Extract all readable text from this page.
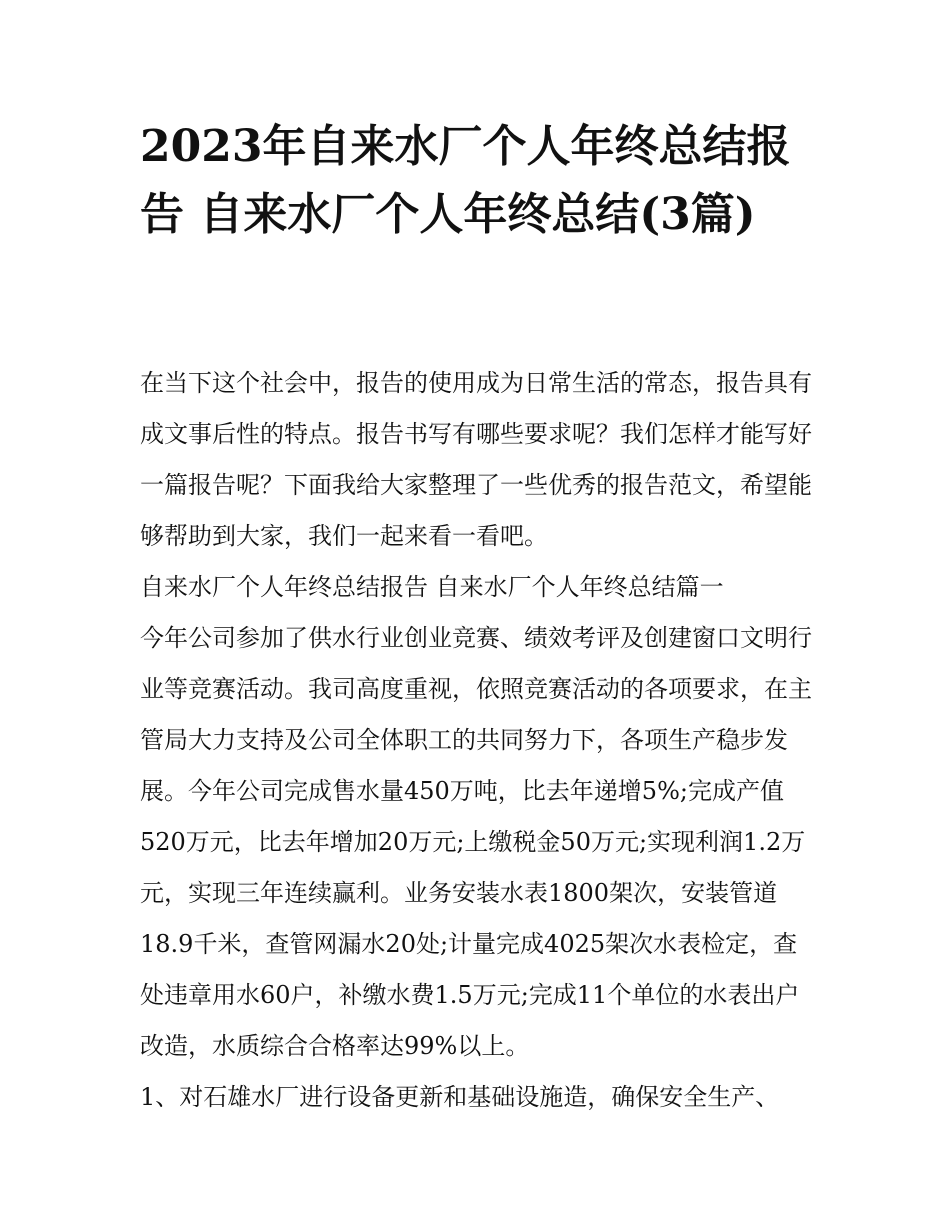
2023年自来水厂个人年终总结报告 自来水厂个人年终总结(3篇)

在当下这个社会中，报告的使用成为日常生活的常态，报告具有成文事后性的特点。报告书写有哪些要求呢？我们怎样才能写好一篇报告呢？下面我给大家整理了一些优秀的报告范文，希望能够帮助到大家，我们一起来看一看吧。

自来水厂个人年终总结报告 自来水厂个人年终总结篇一

今年公司参加了供水行业创业竞赛、绩效考评及创建窗口文明行业等竞赛活动。我司高度重视，依照竞赛活动的各项要求，在主管局大力支持及公司全体职工的共同努力下，各项生产稳步发展。今年公司完成售水量450万吨，比去年递增5%;完成产值520万元，比去年增加20万元;上缴税金50万元;实现利润1.2万元，实现三年连续赢利。业务安装水表1800架次，安装管道18.9千米，查管网漏水20处;计量完成4025架次水表检定，查处违章用水60户，补缴水费1.5万元;完成11个单位的水表出户改造，水质综合合格率达99%以上。

1、对石雄水厂进行设备更新和基础设施造，确保安全生产、
